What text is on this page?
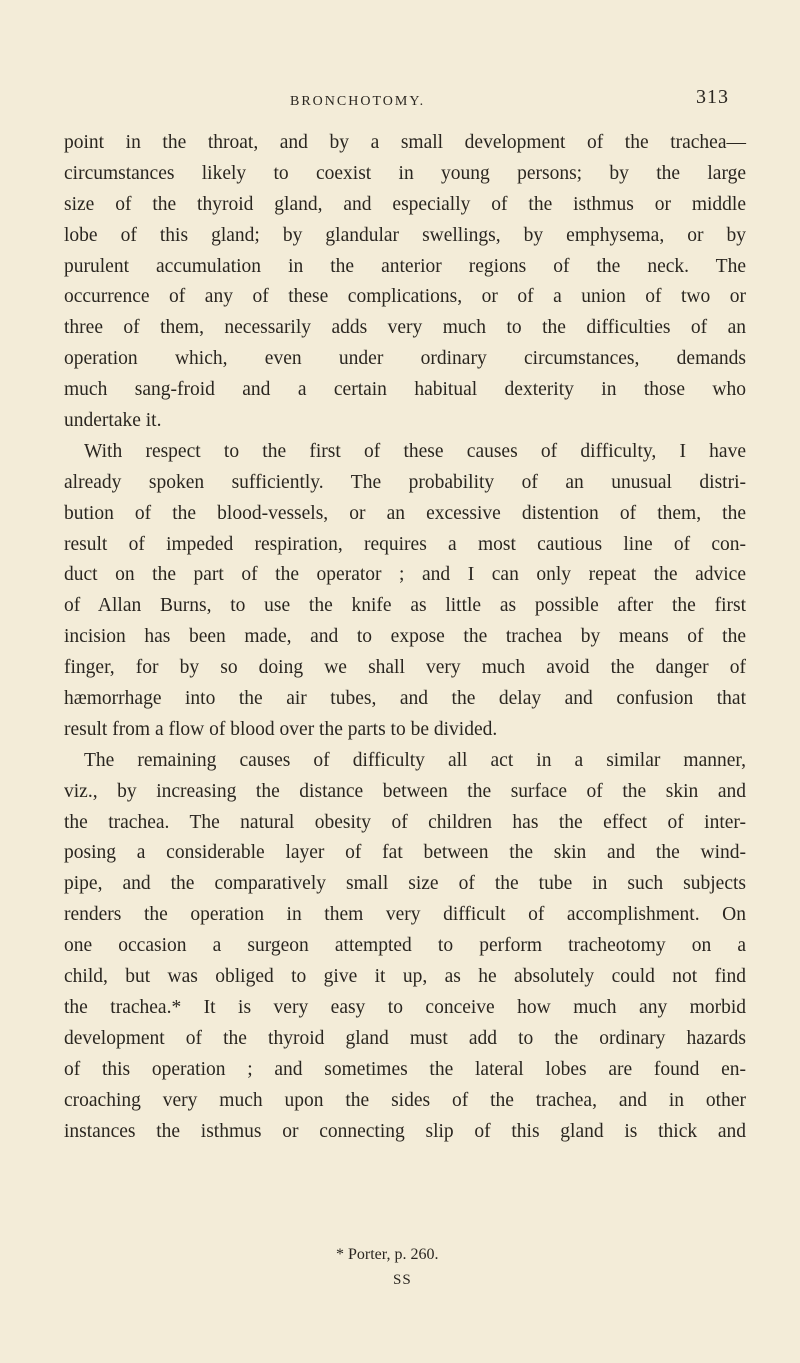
BRONCHOTOMY.	313
point in the throat, and by a small development of the trachea—
circumstances likely to coexist in young persons; by the large
size of the thyroid gland, and especially of the isthmus or middle
lobe of this gland; by glandular swellings, by emphysema, or by
purulent accumulation in the anterior regions of the neck. The
occurrence of any of these complications, or of a union of two or
three of them, necessarily adds very much to the difficulties of an
operation which, even under ordinary circumstances, demands
much sang-froid and a certain habitual dexterity in those who
undertake it.
With respect to the first of these causes of difficulty, I have
already spoken sufficiently. The probability of an unusual distri-
bution of the blood-vessels, or an excessive distention of them, the
result of impeded respiration, requires a most cautious line of con-
duct on the part of the operator ; and I can only repeat the advice
of Allan Burns, to use the knife as little as possible after the first
incision has been made, and to expose the trachea by means of the
finger, for by so doing we shall very much avoid the danger of
hæmorrhage into the air tubes, and the delay and confusion that
result from a flow of blood over the parts to be divided.
The remaining causes of difficulty all act in a similar manner,
viz., by increasing the distance between the surface of the skin and
the trachea. The natural obesity of children has the effect of inter-
posing a considerable layer of fat between the skin and the wind-
pipe, and the comparatively small size of the tube in such subjects
renders the operation in them very difficult of accomplishment. On
one occasion a surgeon attempted to perform tracheotomy on a
child, but was obliged to give it up, as he absolutely could not find
the trachea.* It is very easy to conceive how much any morbid
development of the thyroid gland must add to the ordinary hazards
of this operation ; and sometimes the lateral lobes are found en-
croaching very much upon the sides of the trachea, and in other
instances the isthmus or connecting slip of this gland is thick and
* Porter, p. 260.
SS
